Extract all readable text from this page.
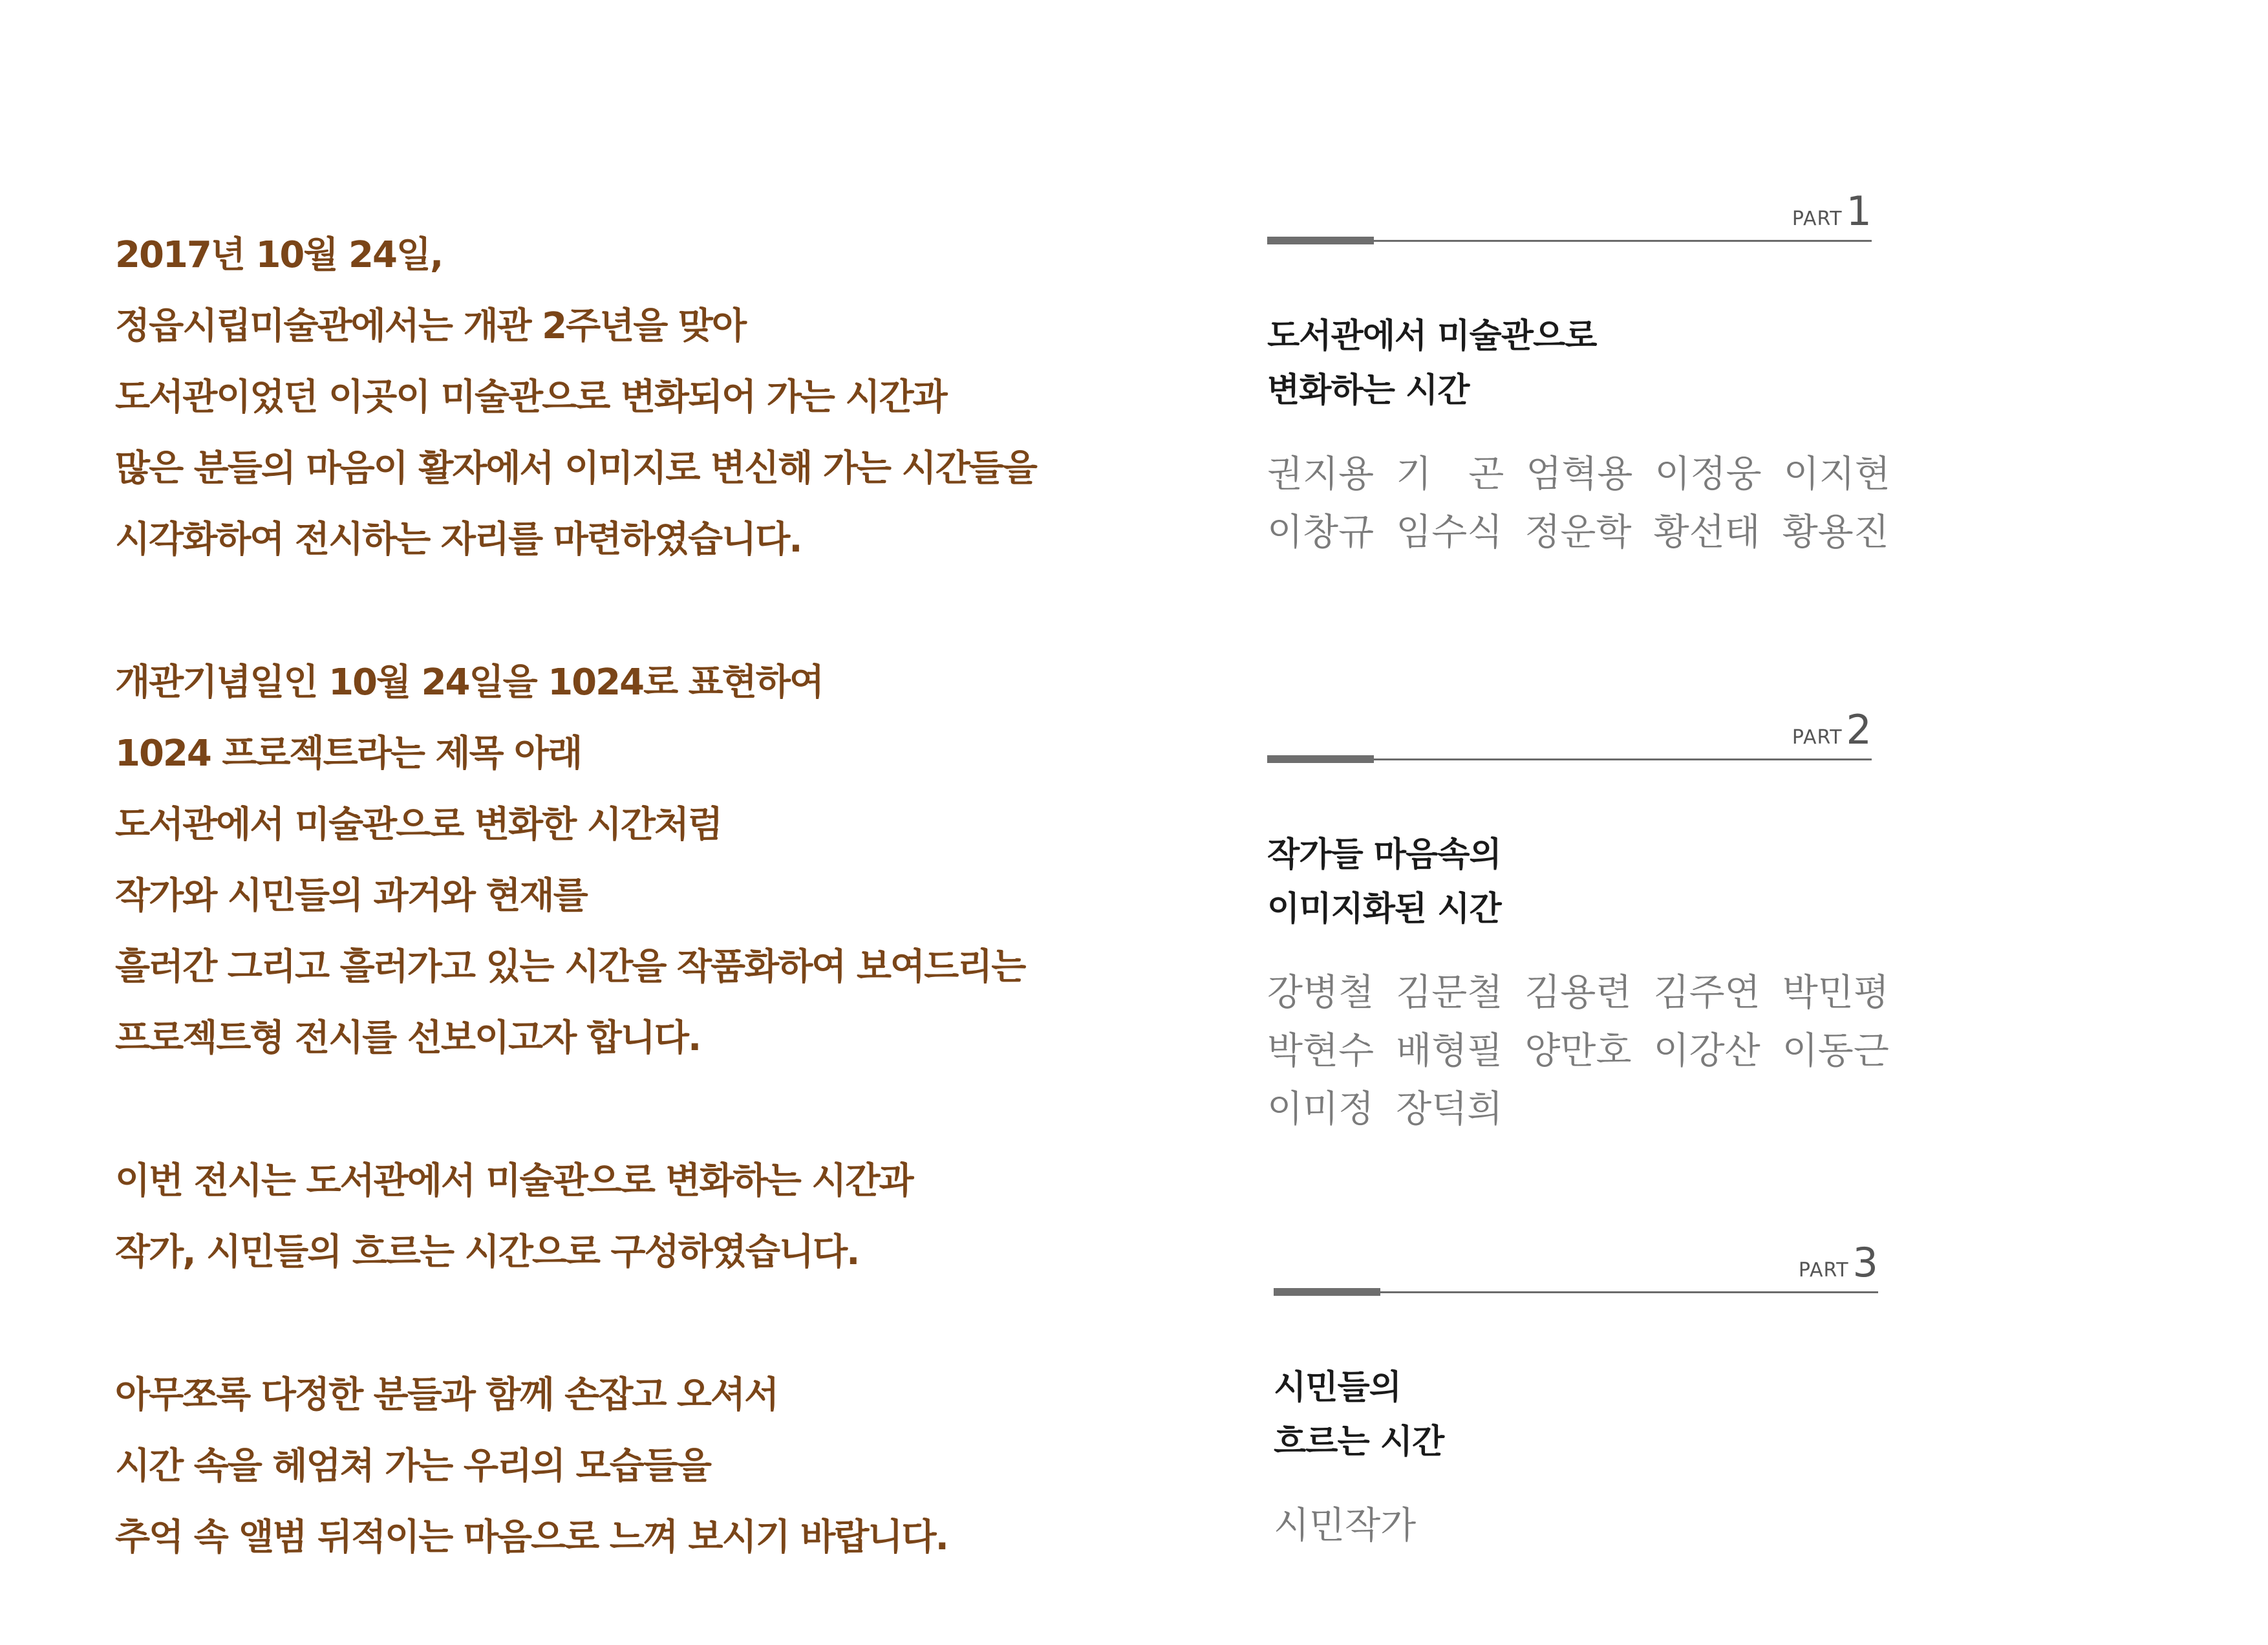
2017년 10월 24일,
정읍시립미술관에서는 개관 2주년을 맞아
도서관이었던 이곳이 미술관으로 변화되어 가는 시간과
많은 분들의 마음이 활자에서 이미지로 변신해 가는 시간들을
시각화하여 전시하는 자리를 마련하였습니다.
개관기념일인 10월 24일을 1024로 표현하여
1024 프로젝트라는 제목 아래
도서관에서 미술관으로 변화한 시간처럼
작가와 시민들의 과거와 현재를
흘러간 그리고 흘러가고 있는 시간을 작품화하여 보여드리는
프로젝트형 전시를 선보이고자 합니다.
이번 전시는 도서관에서 미술관으로 변화하는 시간과
작가, 시민들의 흐르는 시간으로 구성하였습니다.
아무쪼록 다정한 분들과 함께 손잡고 오셔서
시간 속을 헤엄쳐 가는 우리의 모습들을
추억 속 앨범 뒤적이는 마음으로 느껴 보시기 바랍니다.
PART1
도서관에서 미술관으로
변화하는 시간
권지용 기　곤 엄혁용 이정웅 이지현
이창규 임수식 정운학 황선태 황용진
PART2
작가들 마음속의
이미지화된 시간
강병철 김문철 김용련 김주연 박민평
박현수 배형필 양만호 이강산 이동근
이미정 장덕희
PART3
시민들의
흐르는 시간
시민작가
